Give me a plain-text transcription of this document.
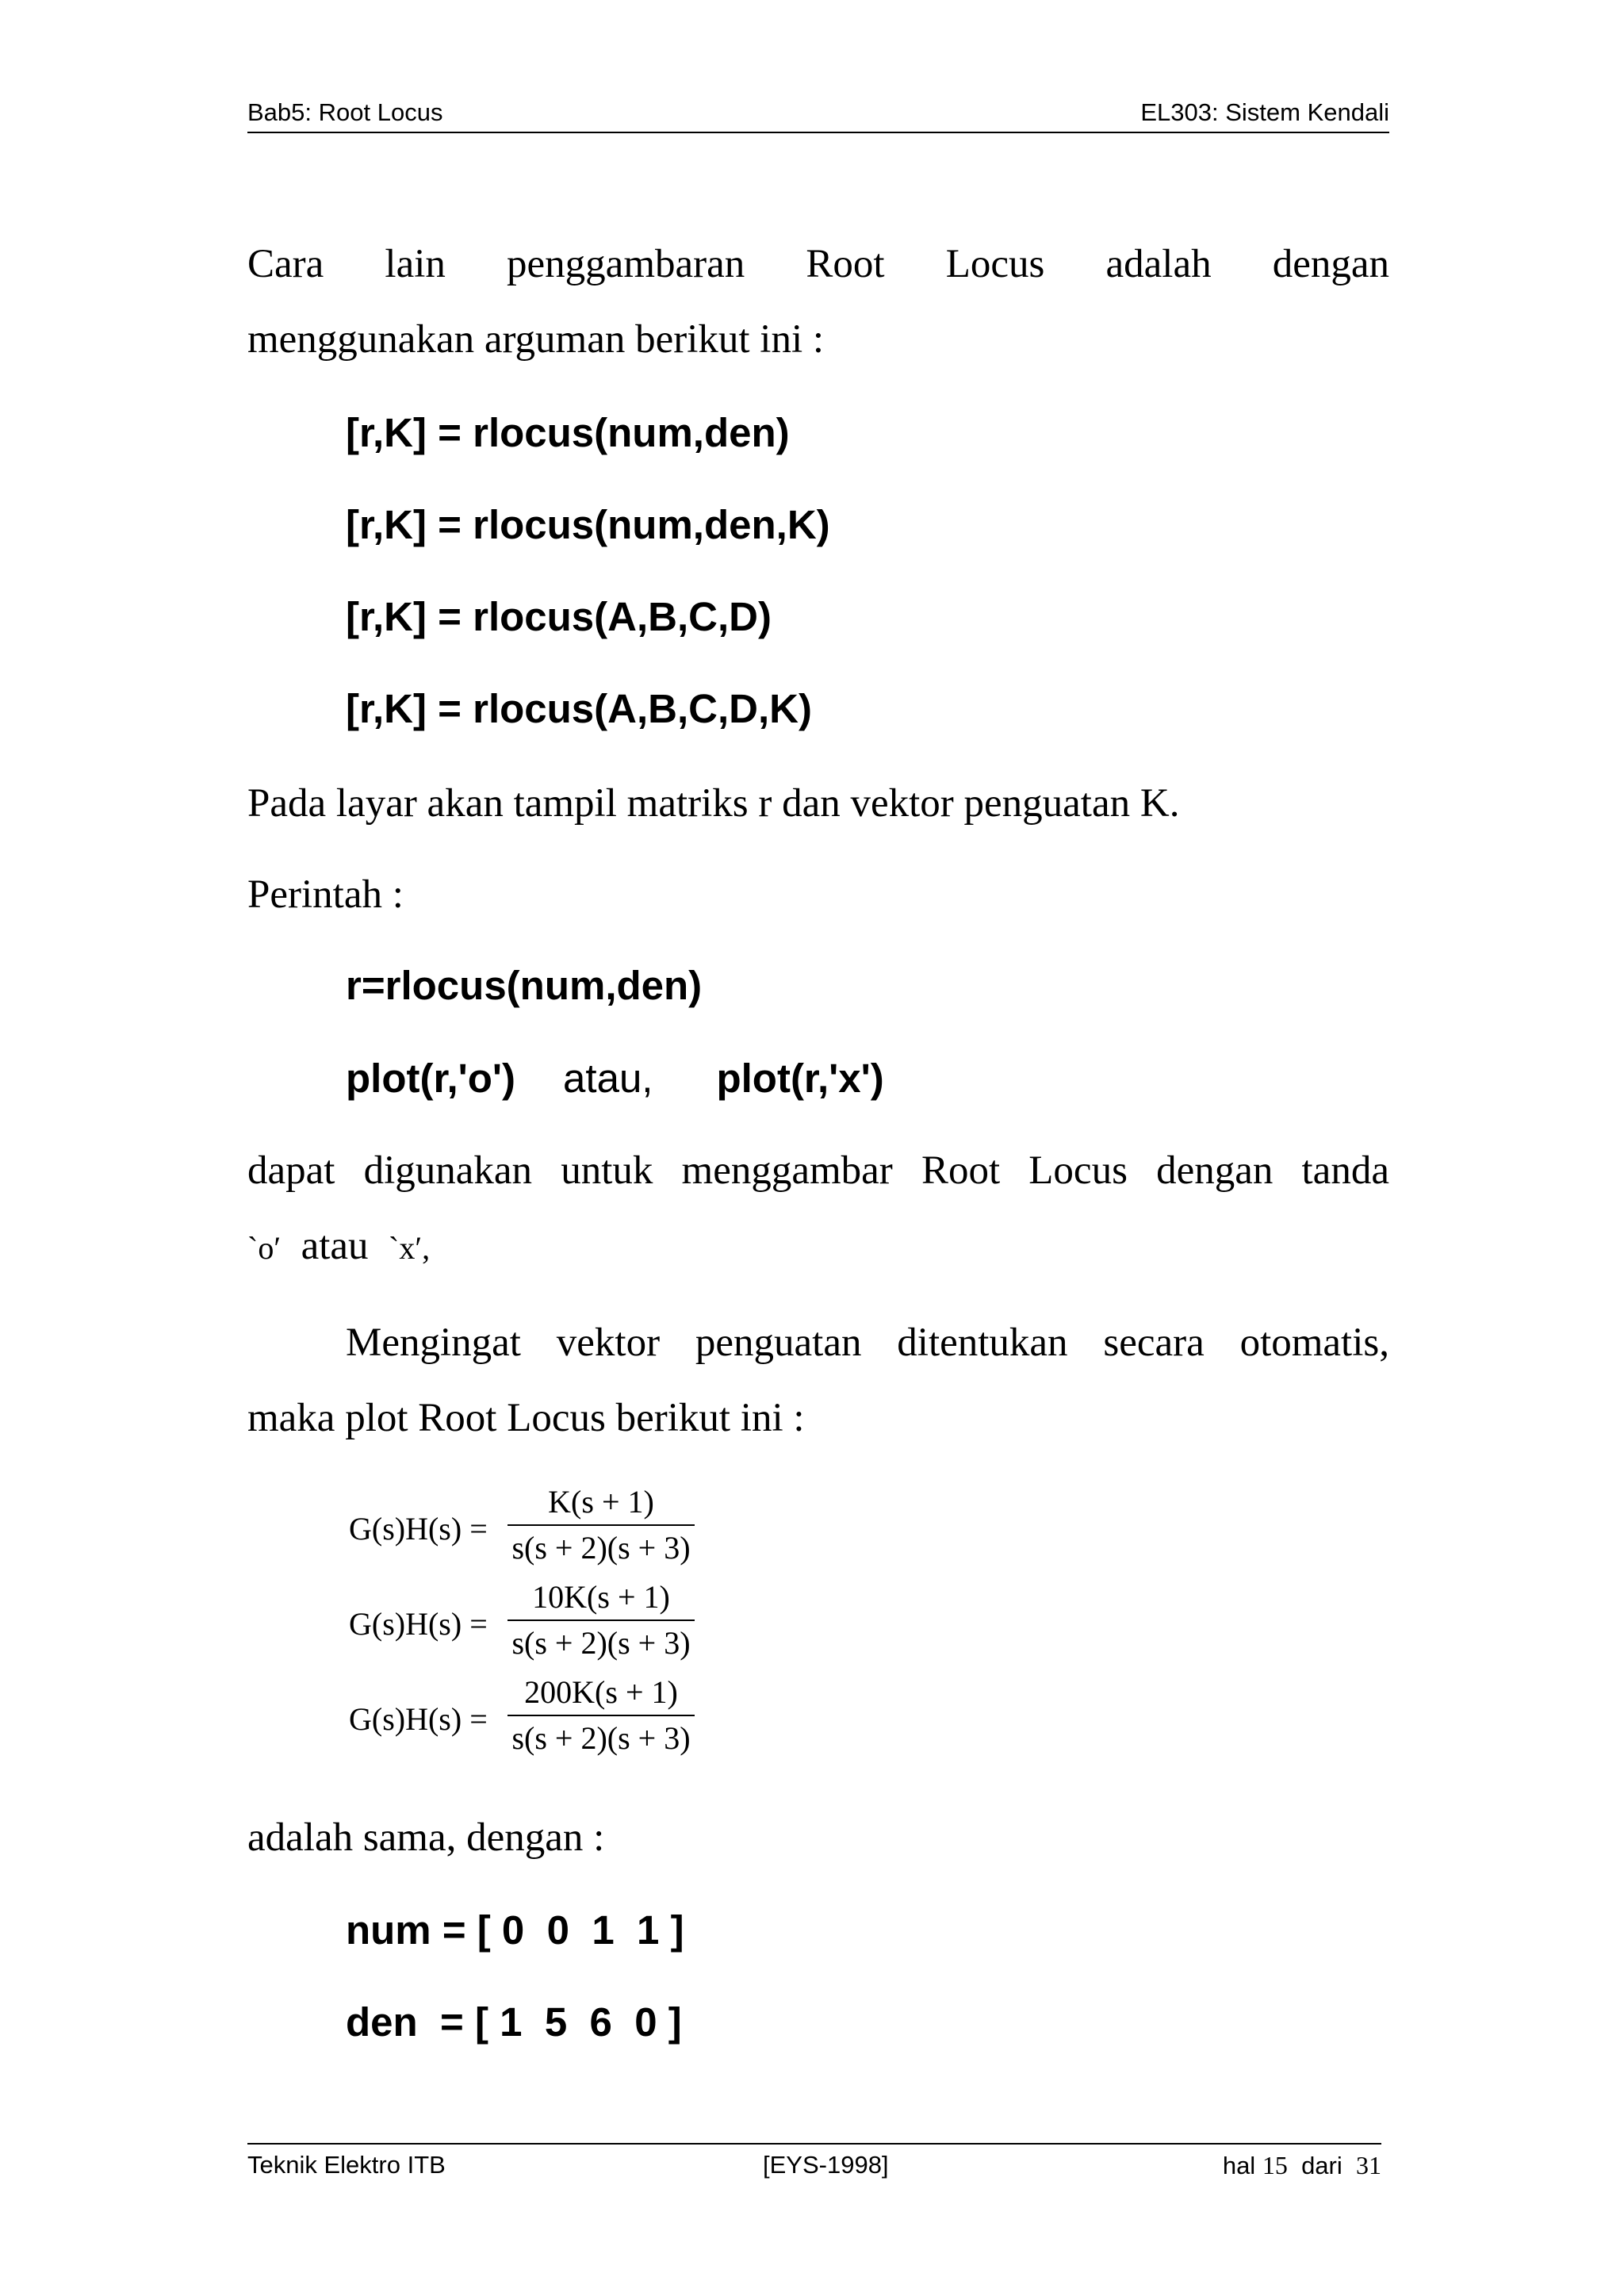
Bab5: Root Locus	EL303: Sistem Kendali
Cara lain penggambaran Root Locus adalah dengan
menggunakan arguman berikut ini :
[r,K] = rlocus(num,den)
[r,K] = rlocus(num,den,K)
[r,K] = rlocus(A,B,C,D)
[r,K] = rlocus(A,B,C,D,K)
Pada layar akan tampil matriks r dan vektor penguatan K.
Perintah :
r=rlocus(num,den)
plot(r,'o') atau, plot(r,'x')
dapat digunakan untuk menggambar Root Locus dengan tanda
`o′ atau `x′,
Mengingat vektor penguatan ditentukan secara otomatis,
maka plot Root Locus berikut ini :
G(s)H(s) =
K(s + 1)
s(s + 2)(s + 3)
G(s)H(s) =
10K(s + 1)
s(s + 2)(s + 3)
G(s)H(s) =
200K(s + 1)
s(s + 2)(s + 3)
adalah sama, dengan :
num = [ 0  0  1  1 ]
den  = [ 1  5  6  0 ]
Teknik Elektro ITB	[EYS-1998]	hal 15 dari 31
